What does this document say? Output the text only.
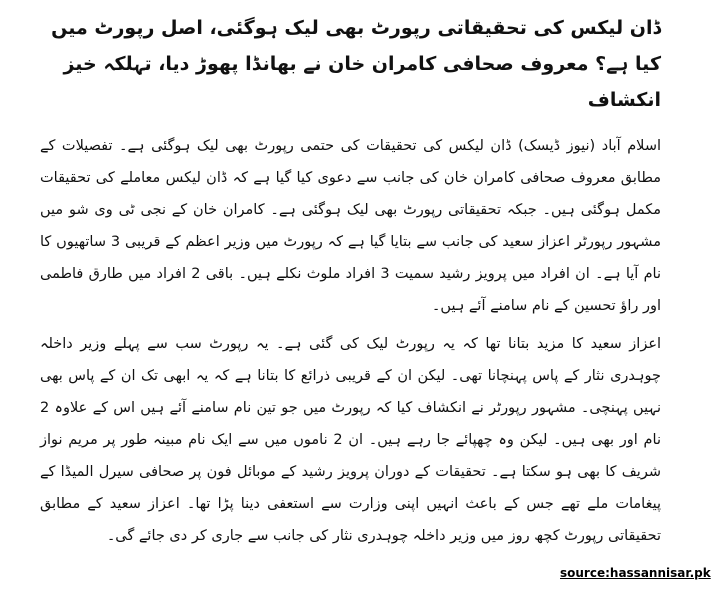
ڈان لیکس کی تحقیقاتی رپورٹ بھی لیک ہوگئی، اصل رپورٹ میں کیا ہے؟ معروف صحافی کامران خان نے بھانڈا پھوڑ دیا، تہلکہ خیز انکشاف

اسلام آباد (نیوز ڈیسک) ڈان لیکس کی تحقیقات کی حتمی رپورٹ بھی لیک ہوگئی ہے۔ تفصیلات کے مطابق معروف صحافی کامران خان کی جانب سے دعوی کیا گیا ہے کہ ڈان لیکس معاملے کی تحقیقات مکمل ہوگئی ہیں۔ جبکہ تحقیقاتی رپورٹ بھی لیک ہوگئی ہے۔ کامران خان کے نجی ٹی وی شو میں مشہور رپورٹر اعزاز سعید کی جانب سے بتایا گیا ہے کہ رپورٹ میں وزیر اعظم کے قریبی 3 ساتھیوں کا نام آیا ہے۔ ان افراد میں پرویز رشید سمیت 3 افراد ملوث نکلے ہیں۔ باقی 2 افراد میں طارق فاطمی اور راؤ تحسین کے نام سامنے آئے ہیں۔

اعزاز سعید کا مزید بتانا تھا کہ یہ رپورٹ لیک کی گئی ہے۔ یہ رپورٹ سب سے پہلے وزیر داخلہ چوہدری نثار کے پاس پہنچانا تھی۔ لیکن ان کے قریبی ذرائع کا بتانا ہے کہ یہ ابھی تک ان کے پاس بھی نہیں پہنچی۔ مشہور رپورٹر نے انکشاف کیا کہ رپورٹ میں جو تین نام سامنے آئے ہیں اس کے علاوہ 2 نام اور بھی ہیں۔ لیکن وہ چھپائے جا رہے ہیں۔ ان 2 ناموں میں سے ایک نام مبینہ طور پر مریم نواز شریف کا بھی ہو سکتا ہے۔ تحقیقات کے دوران پرویز رشید کے موبائل فون پر صحافی سیرل المیڈا کے پیغامات ملے تھے جس کے باعث انہیں اپنی وزارت سے استعفی دینا پڑا تھا۔ اعزاز سعید کے مطابق تحقیقاتی رپورٹ کچھ روز میں وزیر داخلہ چوہدری نثار کی جانب سے جاری کر دی جائے گی۔

source:hassannisar.pk
